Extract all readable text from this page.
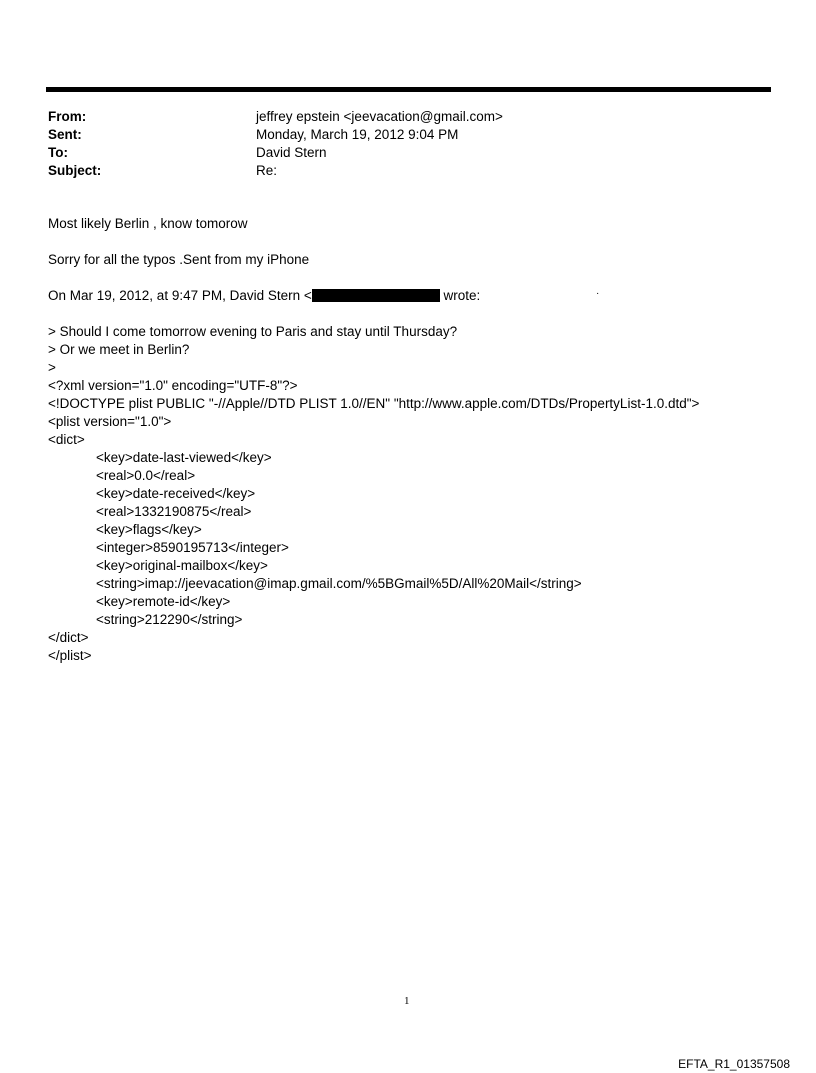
From:	jeffrey epstein <jeevacation@gmail.com>
Sent:	Monday, March 19, 2012 9:04 PM
To:	David Stern
Subject:	Re:
Most likely Berlin , know tomorow
Sorry for all the typos .Sent from my iPhone
On Mar 19, 2012, at 9:47 PM, David Stern <	wrote:
> Should I come tomorrow evening to Paris and stay until Thursday?
> Or we meet in Berlin?
>
<?xml version="1.0" encoding="UTF-8"?>
<!DOCTYPE plist PUBLIC "-//Apple//DTD PLIST 1.0//EN" "http://www.apple.com/DTDs/PropertyList-1.0.dtd">
<plist version="1.0">
<dict>
<key>date-last-viewed</key>
<real>0.0</real>
<key>date-received</key>
<real>1332190875</real>
<key>flags</key>
<integer>8590195713</integer>
<key>original-mailbox</key>
<string>imap://jeevacation@imap.gmail.com/%5BGmail%5D/All%20Mail</string>
<key>remote-id</key>
<string>212290</string>
</dict>
</plist>
·
1
EFTA_R1_01357508
